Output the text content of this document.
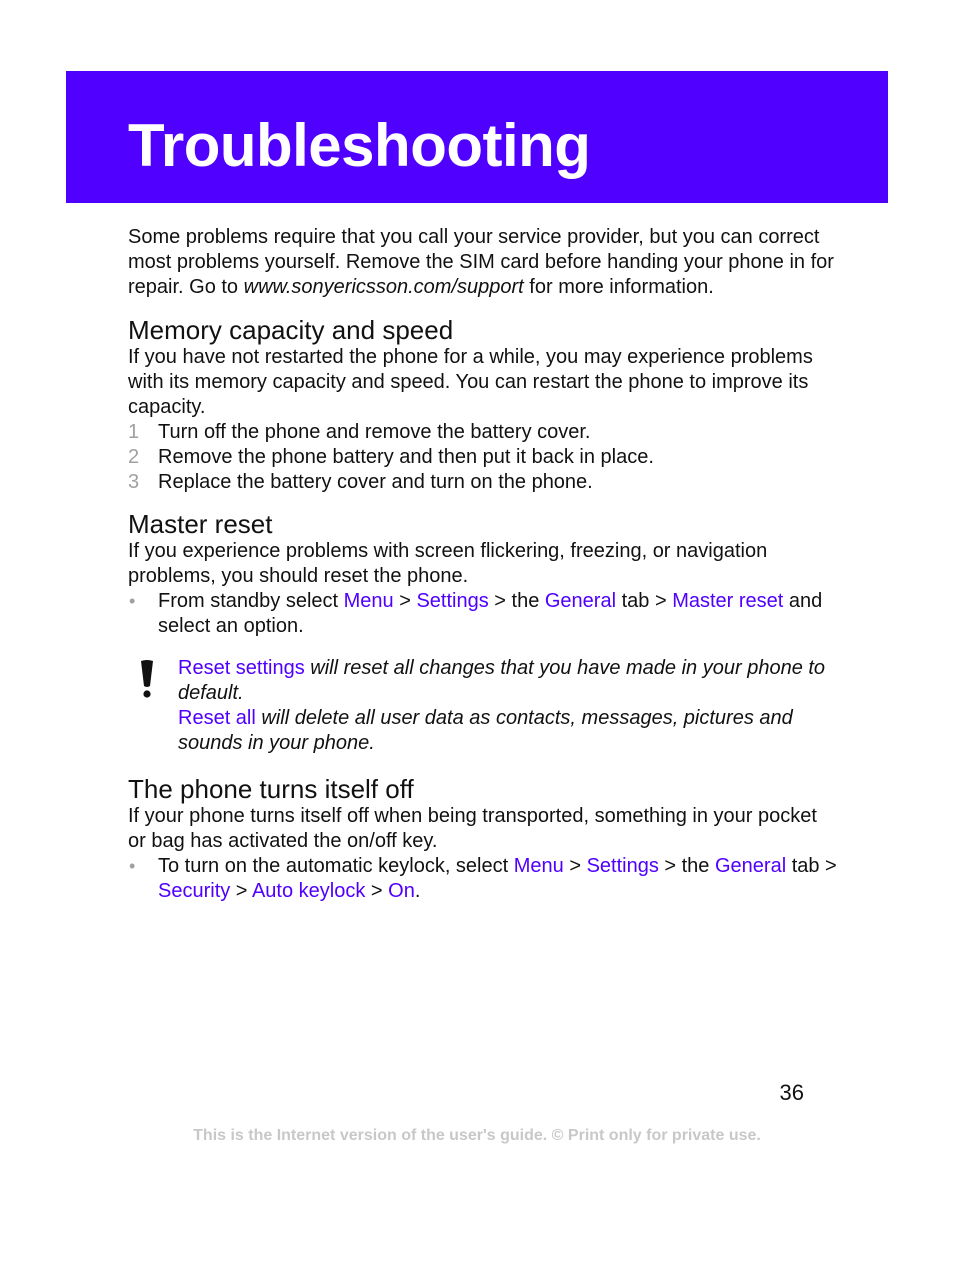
Troubleshooting

Some problems require that you call your service provider, but you can correct most problems yourself. Remove the SIM card before handing your phone in for repair. Go to www.sonyericsson.com/support for more information.

Memory capacity and speed

If you have not restarted the phone for a while, you may experience problems with its memory capacity and speed. You can restart the phone to improve its capacity.

1 Turn off the phone and remove the battery cover.
2 Remove the phone battery and then put it back in place.
3 Replace the battery cover and turn on the phone.
Master reset

If you experience problems with screen flickering, freezing, or navigation problems, you should reset the phone.

• From standby select Menu > Settings > the General tab > Master reset and select an option.

Reset settings will reset all changes that you have made in your phone to default.

Reset all will delete all user data as contacts, messages, pictures and sounds in your phone.

The phone turns itself off

If your phone turns itself off when being transported, something in your pocket or bag has activated the on/off key.

• To turn on the automatic keylock, select Menu > Settings > the General tab > Security > Auto keylock > On.
36
This is the Internet version of the user's guide. © Print only for private use.
